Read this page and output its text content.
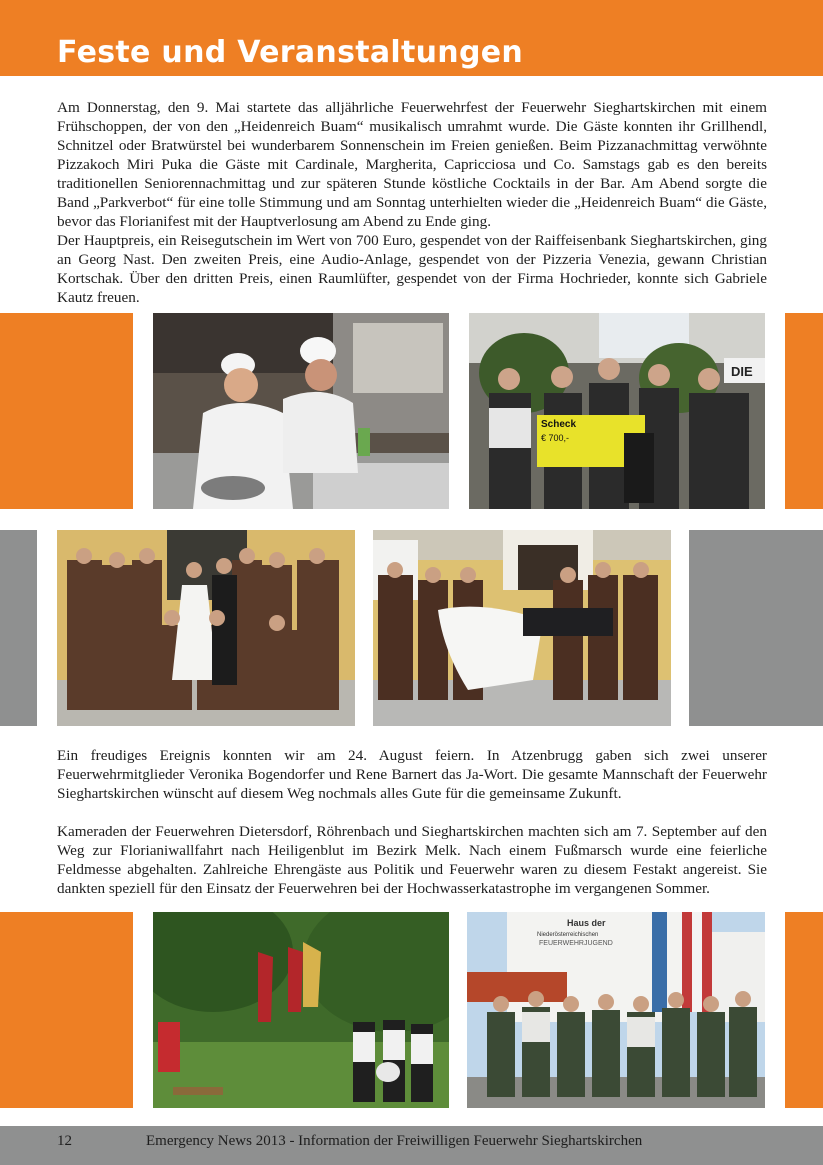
Feste und Veranstaltungen

Am Donnerstag, den 9. Mai startete das alljährliche Feuerwehrfest der Feuerwehr Sieghartskirchen mit einem Frühschoppen, der von den „Heidenreich Buam“ musikalisch umrahmt wurde. Die Gäste konnten ihr Grillhendl, Schnitzel oder Bratwürstel bei wunderbarem Sonnenschein im Freien genießen. Beim Pizzanachmittag verwöhnte Pizzakoch Miri Puka die Gäste mit Cardinale, Margherita, Capricciosa und Co. Samstags gab es den bereits traditionellen Seniorennachmittag und zur späteren Stunde köstliche Cocktails in der Bar. Am Abend sorgte die Band „Parkverbot“ für eine tolle Stimmung und am Sonntag unterhielten wieder die „Heidenreich Buam“ die Gäste, bevor das Florianifest mit der Hauptverlosung am Abend zu Ende ging.

Der Hauptpreis, ein Reisegutschein im Wert von 700 Euro, gespendet von der Raiffeisenbank Sieghartskirchen, ging an Georg Nast. Den zweiten Preis, eine Audio-Anlage, gespendet von der Pizzeria Venezia, gewann Christian Kortschak. Über den dritten Preis, einen Raumlüfter, gespendet von der Firma Hochrieder, konnte sich Gabriele Kautz freuen.

DIE
Scheck
€ 700,-

Ein freudiges Ereignis konnten wir am 24. August feiern. In Atzenbrugg gaben sich zwei unserer Feuerwehrmitglieder Veronika Bogendorfer und Rene Barnert das Ja-Wort. Die gesamte Mannschaft der Feuerwehr Sieghartskirchen wünscht auf diesem Weg nochmals alles Gute für die gemeinsame Zukunft.

Kameraden der Feuerwehren Dietersdorf, Röhrenbach und Sieghartskirchen machten sich am 7. September auf den Weg zur Florianiwallfahrt nach Heiligenblut im Bezirk Melk. Nach einem Fußmarsch wurde eine feierliche Feldmesse abgehalten. Zahlreiche Ehrengäste aus Politik und Feuerwehr waren zu diesem Festakt angereist. Sie dankten speziell für den Einsatz der Feuerwehren bei der Hochwasserkatastrophe im vergangenen Sommer.

Haus der
Niederösterreichischen
FEUERWEHRJUGEND
12	Emergency News 2013 - Information der Freiwilligen Feuerwehr Sieghartskirchen
